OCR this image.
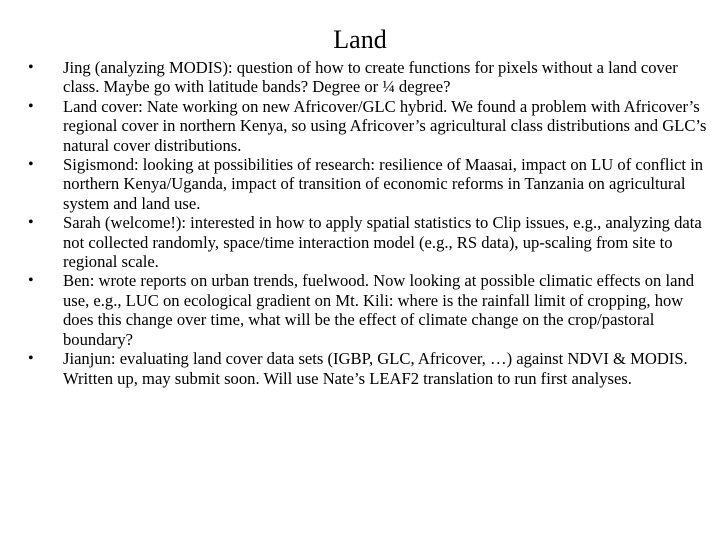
Land
• Jing (analyzing MODIS): question of how to create functions for pixels without a land cover class. Maybe go with latitude bands? Degree or ¼ degree?
• Land cover: Nate working on new Africover/GLC hybrid. We found a problem with Africover’s regional cover in northern Kenya, so using Africover’s agricultural class distributions and GLC’s natural cover distributions.
• Sigismond: looking at possibilities of research: resilience of Maasai, impact on LU of conflict in northern Kenya/Uganda, impact of transition of economic reforms in Tanzania on agricultural system and land use.
• Sarah (welcome!): interested in how to apply spatial statistics to Clip issues, e.g., analyzing data not collected randomly, space/time interaction model (e.g., RS data), up-scaling from site to regional scale.
• Ben: wrote reports on urban trends, fuelwood. Now looking at possible climatic effects on land use, e.g., LUC on ecological gradient on Mt. Kili: where is the rainfall limit of cropping, how does this change over time, what will be the effect of climate change on the crop/pastoral boundary?
• Jianjun: evaluating land cover data sets (IGBP, GLC, Africover, …) against NDVI & MODIS. Written up, may submit soon. Will use Nate’s LEAF2 translation to run first analyses.
